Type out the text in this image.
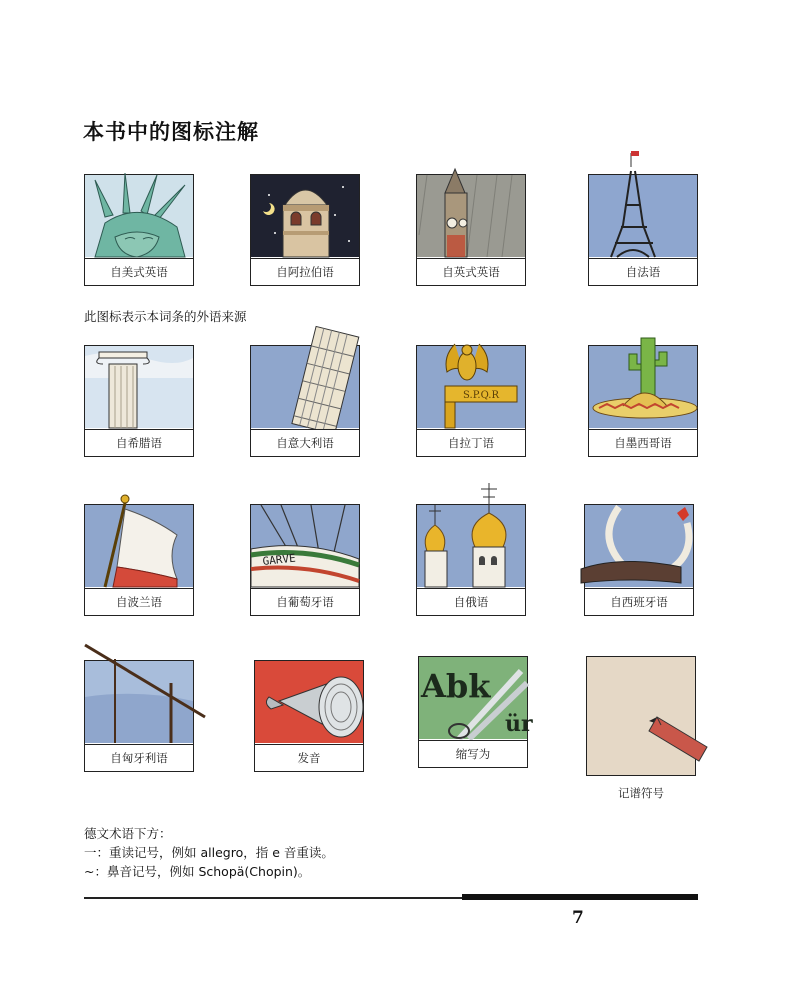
本书中的图标注解
此图标表示本词条的外语来源
自美式英语	自阿拉伯语	自英式英语	自法语
自希腊语	自意大利语
S.P.Q.R
自拉丁语	自墨西哥语
自波兰语
GARVE
自葡萄牙语	自俄语	自西班牙语
自匈牙利语	发音
Abk
ür
缩写为
记谱符号
德文术语下方：
一：重读记号，例如 allegro，指 e 音重读。
~：鼻音记号，例如 Schopä(Chopin)。
7
